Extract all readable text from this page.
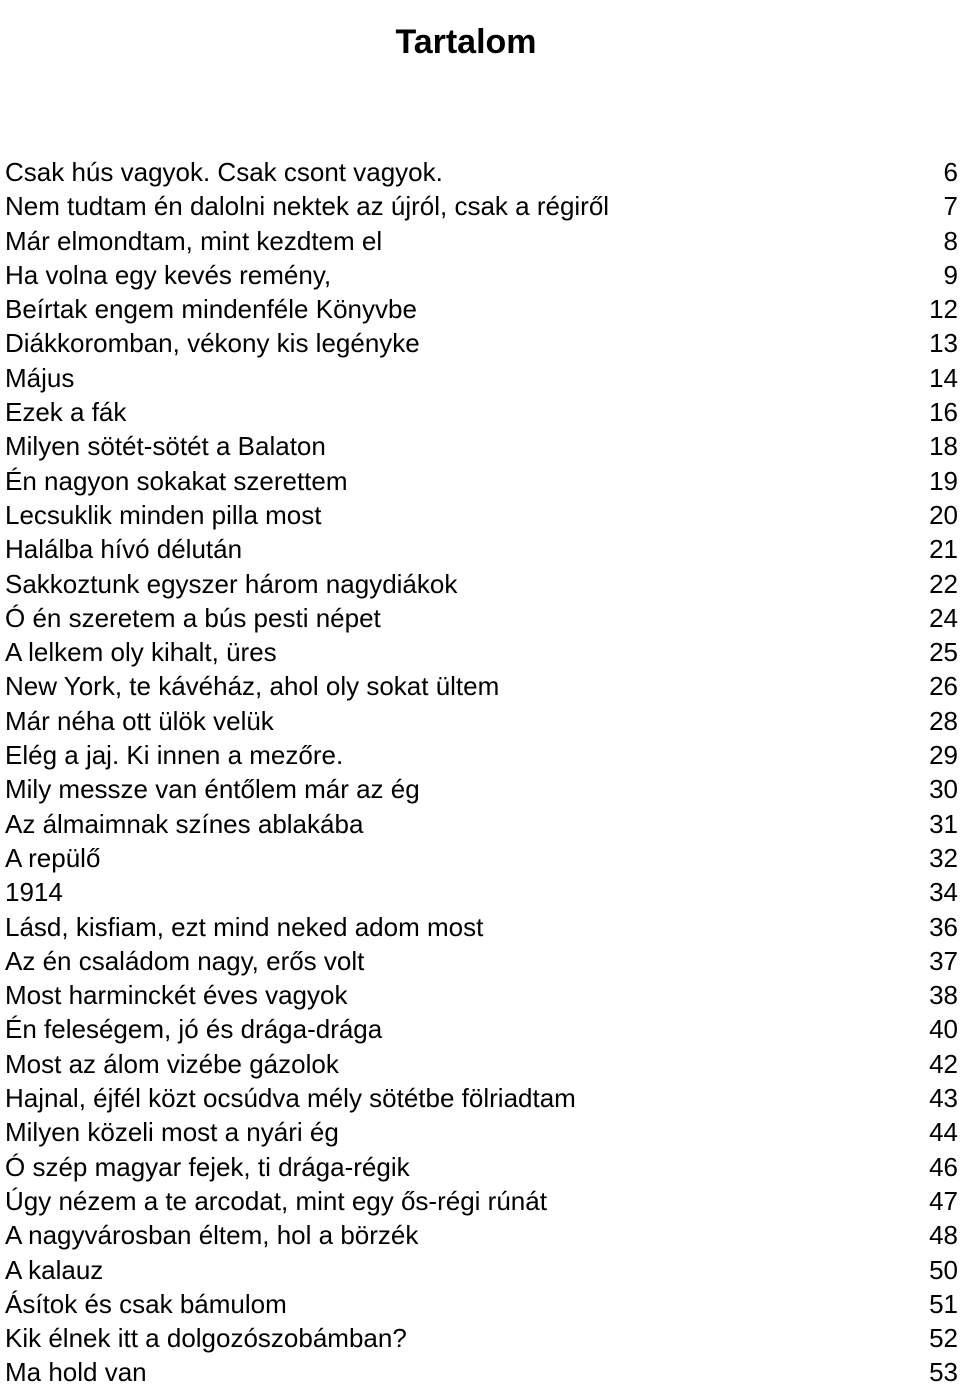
Tartalom
Csak hús vagyok. Csak csont vagyok.	6
Nem tudtam én dalolni nektek az újról, csak a régiről	7
Már elmondtam, mint kezdtem el	8
Ha volna egy kevés remény,	9
Beírtak engem mindenféle Könyvbe	12
Diákkoromban, vékony kis legényke	13
Május	14
Ezek a fák	16
Milyen sötét-sötét a Balaton	18
Én nagyon sokakat szerettem	19
Lecsuklik minden pilla most	20
Halálba hívó délután	21
Sakkoztunk egyszer három nagydiákok	22
Ó én szeretem a bús pesti népet	24
A lelkem oly kihalt, üres	25
New York, te kávéház, ahol oly sokat ültem	26
Már néha ott ülök velük	28
Elég a jaj. Ki innen a mezőre.	29
Mily messze van éntőlem már az ég	30
Az álmaimnak színes ablakába	31
A repülő	32
1914	34
Lásd, kisfiam, ezt mind neked adom most	36
Az én családom nagy, erős volt	37
Most harminckét éves vagyok	38
Én feleségem, jó és drága-drága	40
Most az álom vizébe gázolok	42
Hajnal, éjfél közt ocsúdva mély sötétbe fölriadtam	43
Milyen közeli most a nyári ég	44
Ó szép magyar fejek, ti drága-régik	46
Úgy nézem a te arcodat, mint egy ős-régi rúnát	47
A nagyvárosban éltem, hol a börzék	48
A kalauz	50
Ásítok és csak bámulom	51
Kik élnek itt a dolgozószobámban?	52
Ma hold van	53
